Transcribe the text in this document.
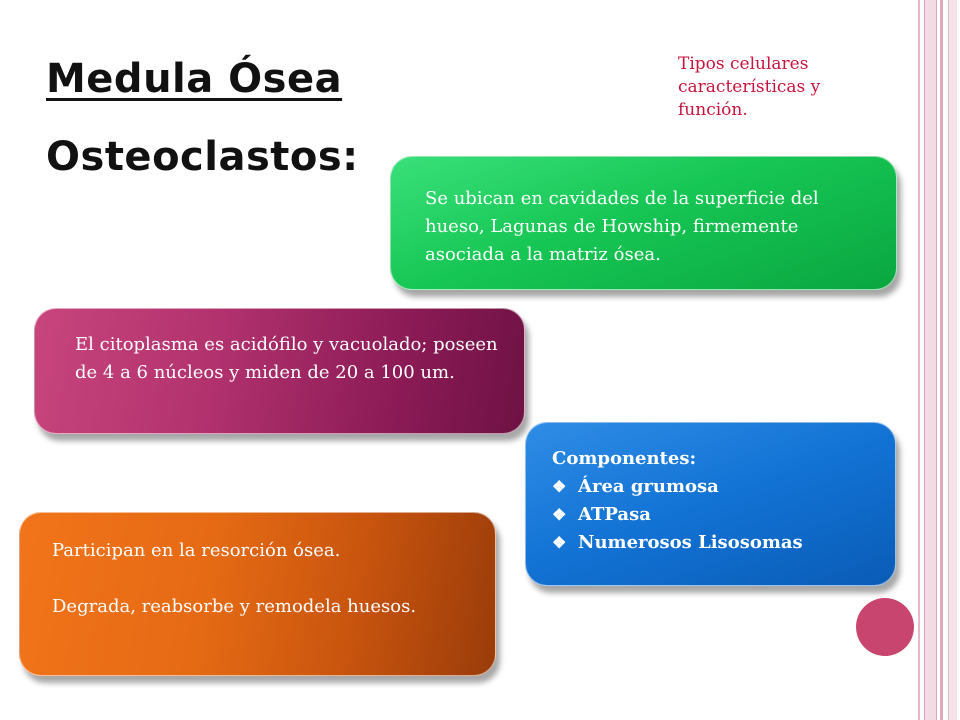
Medula Ósea
Osteoclastos:
Tipos celulares características y función.

Se ubican en cavidades de la superficie del hueso, Lagunas de Howship, firmemente asociada a la matriz ósea.

El citoplasma es acidófilo y vacuolado; poseen de 4 a 6 núcleos y miden de 20 a 100 um.

Componentes:
❖ Área grumosa
❖ ATPasa
❖ Numerosos Lisosomas

Participan en la resorción ósea.

Degrada, reabsorbe y remodela huesos.
